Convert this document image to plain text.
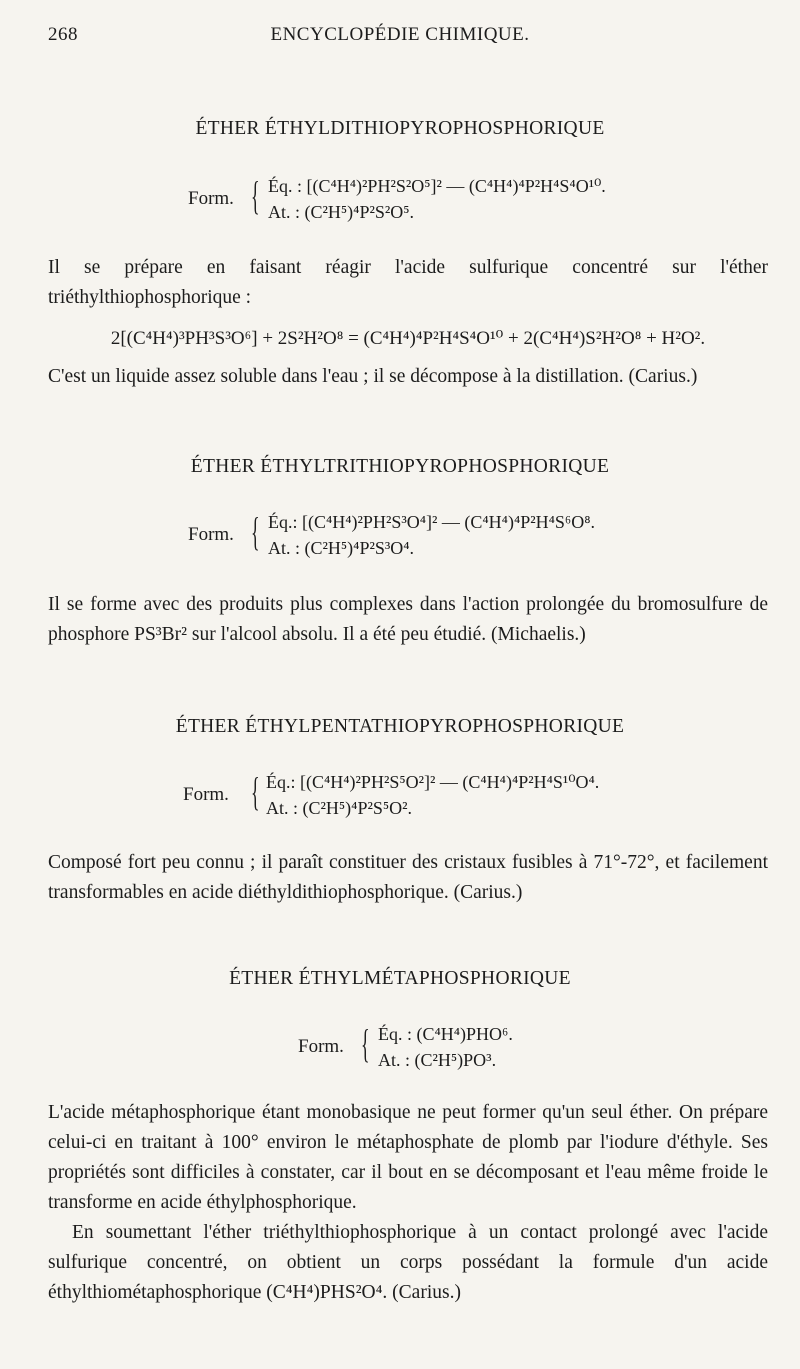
268	ENCYCLOPÉDIE CHIMIQUE.
ÉTHER ÉTHYLDITHIOPYROPHOSPHORIQUE
Form. { Éq. : [(C⁴H⁴)²PH²S²O⁵]² — (C⁴H⁴)⁴P²H⁴S⁴O¹⁰.
At. : (C²H⁵)⁴P²S²O⁵.
Il se prépare en faisant réagir l'acide sulfurique concentré sur l'éther triéthylthiophosphorique :
2[(C⁴H⁴)³PH³S³O⁶] + 2S²H²O⁸ = (C⁴H⁴)⁴P²H⁴S⁴O¹⁰ + 2(C⁴H⁴)S²H²O⁸ + H²O².
C'est un liquide assez soluble dans l'eau ; il se décompose à la distillation. (Carius.)
ÉTHER ÉTHYLTRITHIOPYROPHOSPHORIQUE
Form. { Éq.: [(C⁴H⁴)²PH²S³O⁴]² — (C⁴H⁴)⁴P²H⁴S⁶O⁸.
At. : (C²H⁵)⁴P²S³O⁴.
Il se forme avec des produits plus complexes dans l'action prolongée du bromosulfure de phosphore PS³Br² sur l'alcool absolu. Il a été peu étudié. (Michaelis.)
ÉTHER ÉTHYLPENTATHIOPYROPHOSPHORIQUE
Form. { Éq.: [(C⁴H⁴)²PH²S⁵O²]² — (C⁴H⁴)⁴P²H⁴S¹⁰O⁴.
At. : (C²H⁵)⁴P²S⁵O².
Composé fort peu connu ; il paraît constituer des cristaux fusibles à 71°-72°, et facilement transformables en acide diéthyldithiophosphorique. (Carius.)
ÉTHER ÉTHYLMÉTAPHOSPHORIQUE
Form. { Éq. : (C⁴H⁴)PHO⁶.
At. : (C²H⁵)PO³.
L'acide métaphosphorique étant monobasique ne peut former qu'un seul éther. On prépare celui-ci en traitant à 100° environ le métaphosphate de plomb par l'iodure d'éthyle. Ses propriétés sont difficiles à constater, car il bout en se décomposant et l'eau même froide le transforme en acide éthylphosphorique.
En soumettant l'éther triéthylthiophosphorique à un contact prolongé avec l'acide sulfurique concentré, on obtient un corps possédant la formule d'un acide éthylthiométaphosphorique (C⁴H⁴)PHS²O⁴. (Carius.)
